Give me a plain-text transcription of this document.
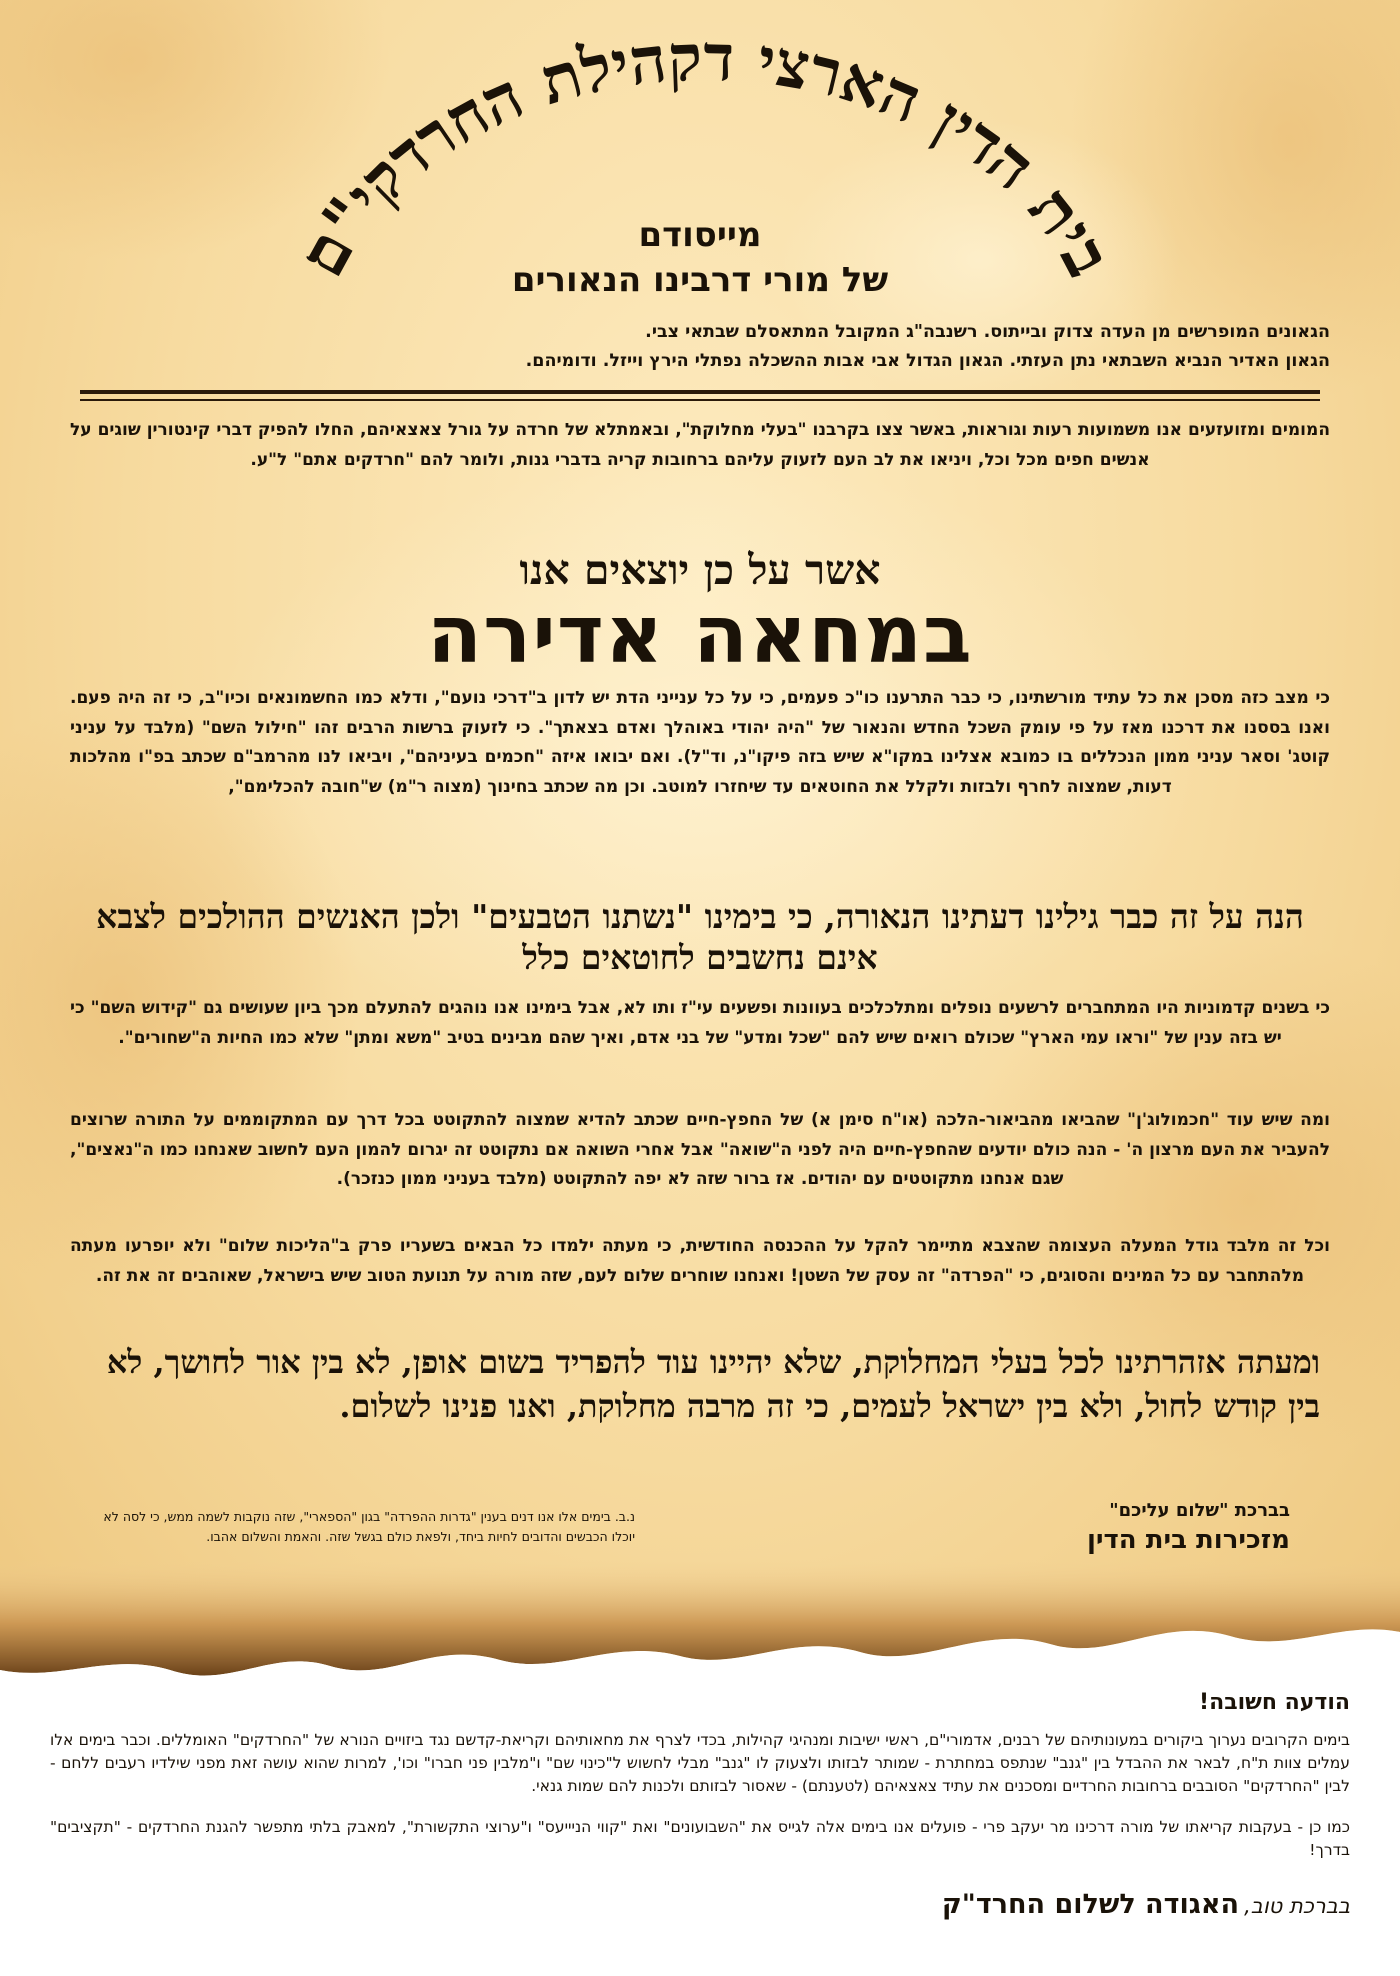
בית הדין הארצי דקהילת החרדקי"ם
מייסודם
של מורי דרבינו הנאורים
הגאונים המופרשים מן העדה צדוק ובייתוס. רשנבה"ג המקובל המתאסלם שבתאי צבי.
הגאון האדיר הנביא השבתאי נתן העזתי. הגאון הגדול אבי אבות ההשכלה נפתלי הירץ וייזל. ודומיהם.
המומים ומזועזעים אנו משמועות רעות וגוראות, באשר צצו בקרבנו "בעלי מחלוקת", ובאמתלא של חרדה על גורל צאצאיהם, החלו להפיק דברי קינטורין שוגים על אנשים חפים מכל וכל, ויניאו את לב העם לזעוק עליהם ברחובות קריה בדברי גנות, ולומר להם "חרדקים אתם" ל"ע.
אשר על כן יוצאים אנו
במחאה אדירה
כי מצב כזה מסכן את כל עתיד מורשתינו, כי כבר התרענו כו"כ פעמים, כי על כל ענייני הדת יש לדון ב"דרכי נועם", ודלא כמו החשמונאים וכיו"ב, כי זה היה פעם. ואנו בססנו את דרכנו מאז על פי עומק השכל החדש והנאור של "היה יהודי באוהלך ואדם בצאתך". כי לזעוק ברשות הרבים זהו "חילול השם" (מלבד על עניני קוטג' וסאר עניני ממון הנכללים בו כמובא אצלינו במקו"א שיש בזה פיקו"נ, וד"ל). ואם יבואו איזה "חכמים בעיניהם", ויביאו לנו מהרמב"ם שכתב בפ"ו מהלכות דעות, שמצוה לחרף ולבזות ולקלל את החוטאים עד שיחזרו למוטב. וכן מה שכתב בחינוך (מצוה ר"מ) ש"חובה להכלימם",
הנה על זה כבר גילינו דעתינו הנאורה, כי בימינו "נשתנו הטבעים" ולכן האנשים ההולכים לצבא אינם נחשבים לחוטאים כלל
כי בשנים קדמוניות היו המתחברים לרשעים נופלים ומתלכלכים בעוונות ופשעים עי"ז ותו לא, אבל בימינו אנו נוהגים להתעלם מכך ביון שעושים גם "קידוש השם" כי יש בזה ענין של "וראו עמי הארץ" שכולם רואים שיש להם "שכל ומדע" של בני אדם, ואיך שהם מבינים בטיב "משא ומתן" שלא כמו החיות ה"שחורים".
ומה שיש עוד "חכמולוג'ן" שהביאו מהביאור-הלכה (או"ח סימן א) של החפץ-חיים שכתב להדיא שמצוה להתקוטט בכל דרך עם המתקוממים על התורה שרוצים להעביר את העם מרצון ה' - הנה כולם יודעים שהחפץ-חיים היה לפני ה"שואה" אבל אחרי השואה אם נתקוטט זה יגרום להמון העם לחשוב שאנחנו כמו ה"נאצים", שגם אנחנו מתקוטטים עם יהודים. אז ברור שזה לא יפה להתקוטט (מלבד בעניני ממון כנזכר).
וכל זה מלבד גודל המעלה העצומה שהצבא מתיימר להקל על ההכנסה החודשית, כי מעתה ילמדו כל הבאים בשעריו פרק ב"הליכות שלום" ולא יופרעו מעתה מלהתחבר עם כל המינים והסוגים, כי "הפרדה" זה עסק של השטן! ואנחנו שוחרים שלום לעם, שזה מורה על תנועת הטוב שיש בישראל, שאוהבים זה את זה.
ומעתה אזהרתינו לכל בעלי המחלוקת, שלא יהיינו עוד להפריד בשום אופן, לא בין אור לחושך, לא בין קודש לחול, ולא בין ישראל לעמים, כי זה מרבה מחלוקת, ואנו פנינו לשלום.
נ.ב. בימים אלו אנו דנים בענין "גדרות ההפרדה" בגון "הספארי", שזה נוקבות לשמה ממש, כי לסה לא יוכלו הכבשים והדובים לחיות ביחד, ולפאת כולם בגשל שזה. והאמת והשלום אהבו.
בברכת "שלום עליכם"
מזכירות בית הדין
הודעה חשובה!
בימים הקרובים נערוך ביקורים במעונותיהם של רבנים, אדמורי"ם, ראשי ישיבות ומנהיגי קהילות, בכדי לצרף את מחאותיהם וקריאת-קדשם נגד ביזויים הנורא של "החרדקים" האומללים. וכבר בימים אלו עמלים צוות ת"ח, לבאר את ההבדל בין "גנב" שנתפס במחתרת - שמותר לבזותו ולצעוק לו "גנב" מבלי לחשוש ל"כינוי שם" ו"מלבין פני חברו" וכו', למרות שהוא עושה זאת מפני שילדיו רעבים ללחם - לבין "החרדקים" הסובבים ברחובות החרדיים ומסכנים את עתיד צאצאיהם (לטענתם) - שאסור לבזותם ולכנות להם שמות גנאי.
כמו כן - בעקבות קריאתו של מורה דרכינו מר יעקב פרי - פועלים אנו בימים אלה לגייס את "השבועונים" ואת "קווי הניייעס" ו"ערוצי התקשורת", למאבק בלתי מתפשר להגנת החרדקים - "תקציבים" בדרך!
בברכת טוב, האגודה לשלום החרד"ק
